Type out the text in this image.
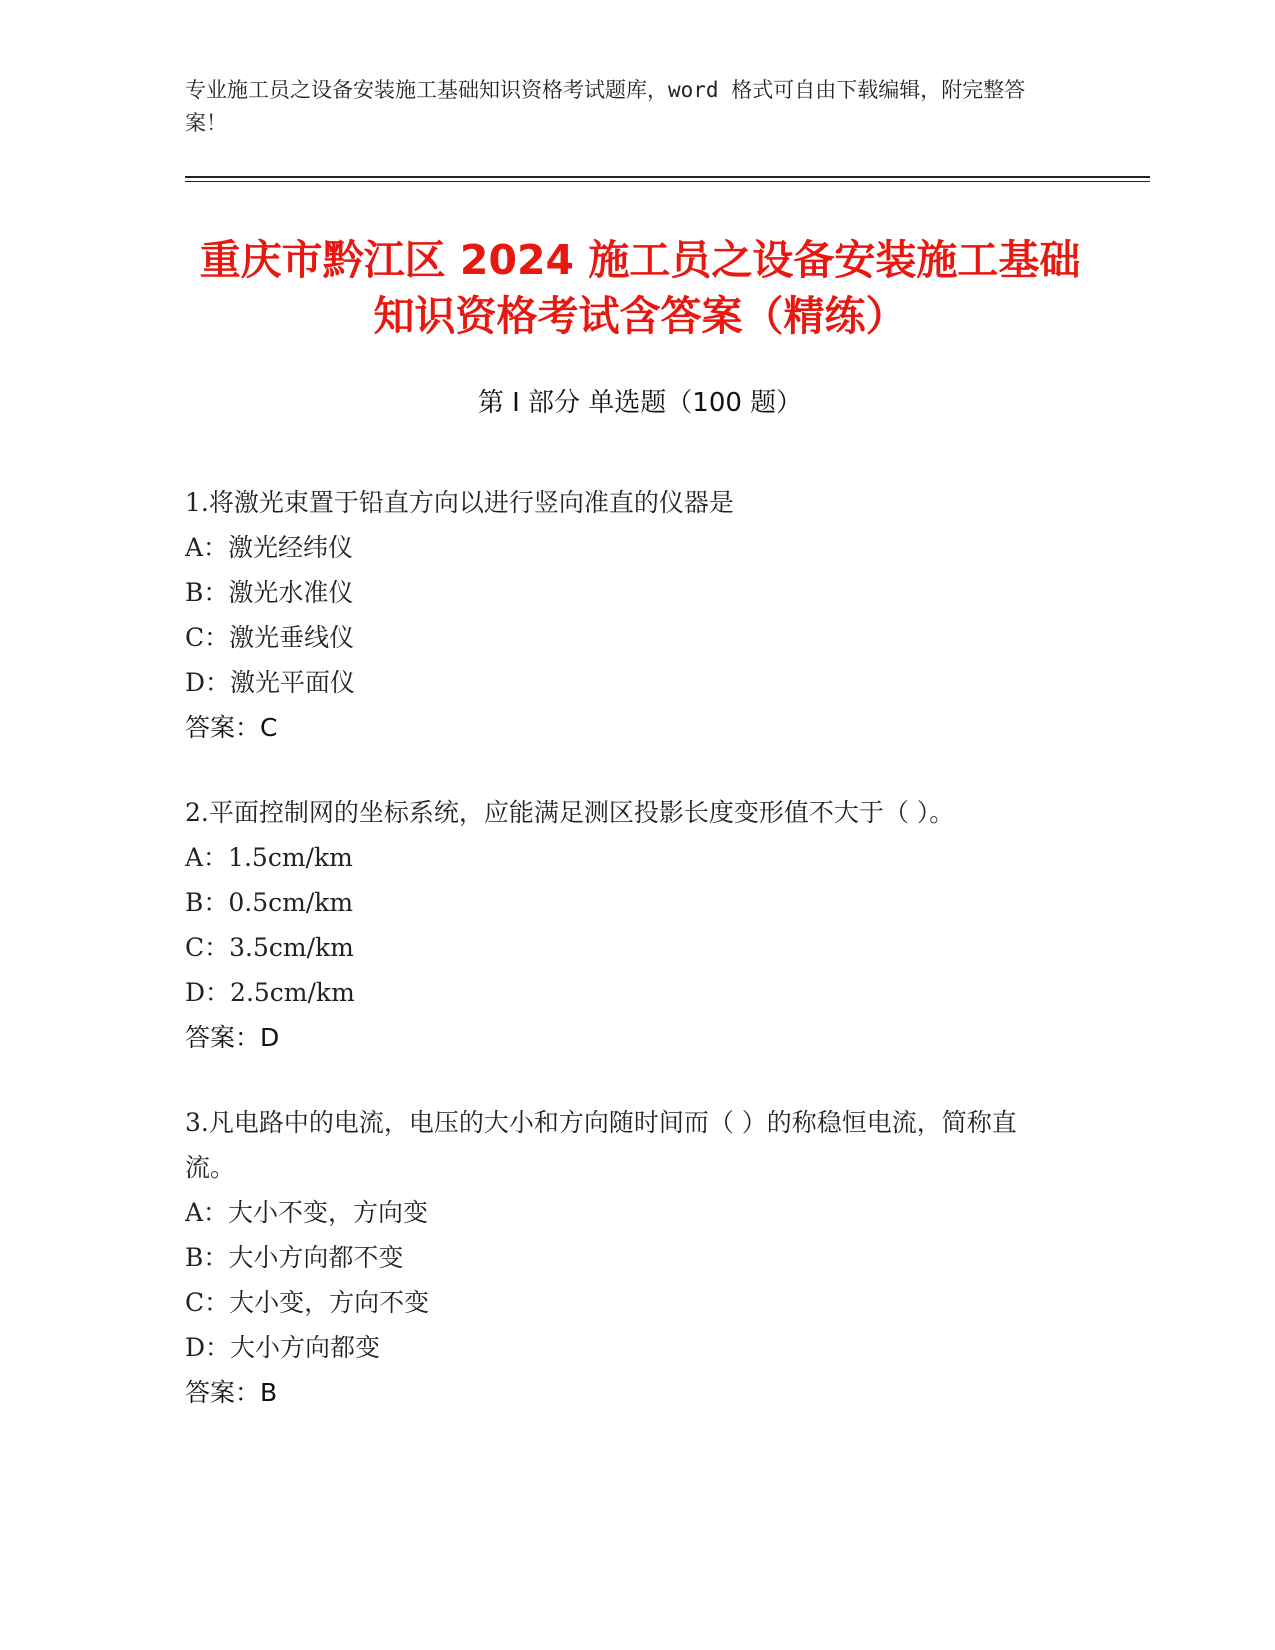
专业施工员之设备安装施工基础知识资格考试题库，word 格式可自由下载编辑，附完整答案！
重庆市黔江区 2024 施工员之设备安装施工基础知识资格考试含答案（精练）
第 I 部分 单选题（100 题）
1.将激光束置于铅直方向以进行竖向准直的仪器是
A：激光经纬仪
B：激光水准仪
C：激光垂线仪
D：激光平面仪
答案：C
2.平面控制网的坐标系统，应能满足测区投影长度变形值不大于（ ）。
A：1.5cm/km
B：0.5cm/km
C：3.5cm/km
D：2.5cm/km
答案：D
3.凡电路中的电流，电压的大小和方向随时间而（ ）的称稳恒电流，简称直流。
A：大小不变，方向变
B：大小方向都不变
C：大小变，方向不变
D：大小方向都变
答案：B
